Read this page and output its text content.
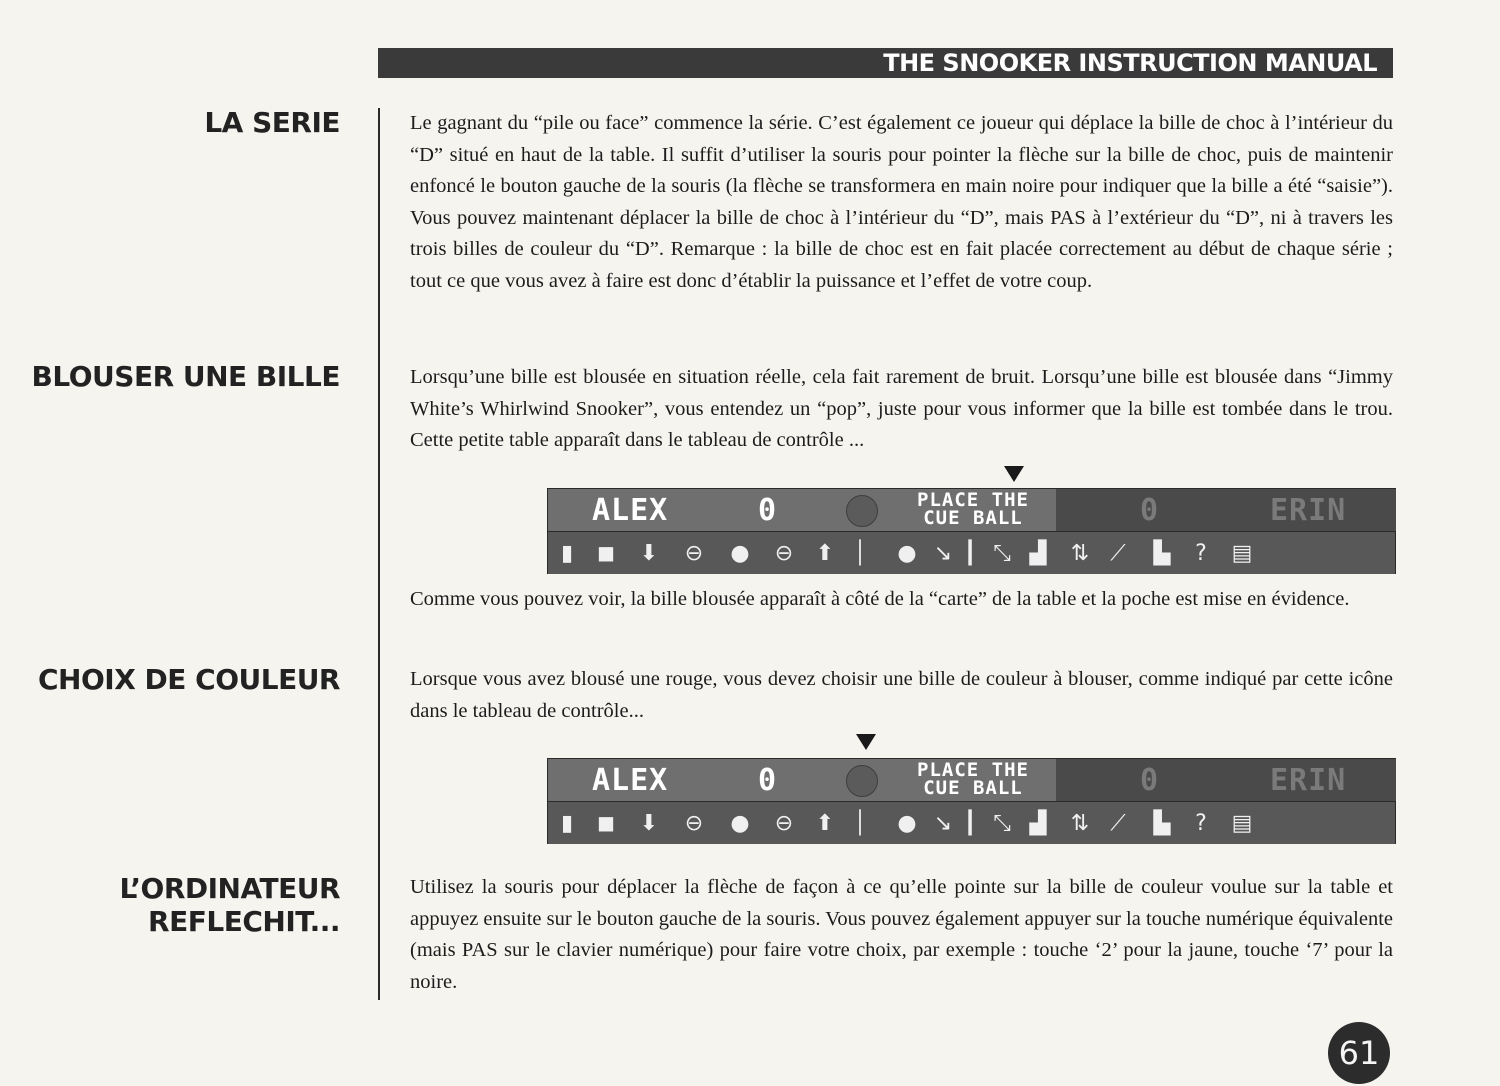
THE SNOOKER INSTRUCTION MANUAL
LA SERIE
BLOUSER UNE BILLE
CHOIX DE COULEUR
L’ORDINATEUR
REFLECHIT...
Le gagnant du “pile ou face” commence la série. C’est également ce joueur qui déplace la bille de choc à l’intérieur du “D” situé en haut de la table. Il suffit d’utiliser la souris pour pointer la flèche sur la bille de choc, puis de maintenir enfoncé le bouton gauche de la souris (la flèche se transformera en main noire pour indiquer que la bille a été “saisie”). Vous pouvez maintenant déplacer la bille de choc à l’intérieur du “D”, mais PAS à l’extérieur du “D”, ni à travers les trois billes de couleur du “D”. Remarque : la bille de choc est en fait placée correctement au début de chaque série ; tout ce que vous avez à faire est donc d’établir la puissance et l’effet de votre coup.
Lorsqu’une bille est blousée en situation réelle, cela fait rarement de bruit. Lorsqu’une bille est blousée dans “Jimmy White’s Whirlwind Snooker”, vous entendez un “pop”, juste pour vous informer que la bille est tombée dans le trou. Cette petite table apparaît dans le tableau de contrôle ...
ALEX	0	PLACE THE
CUE BALL	0	ERIN
▮	◼	⬇	⊖	●	⊖	⬆ │ ● ↘ ┃ ⤡ ▟	⇅ ⟋	▙	?	▤
Comme vous pouvez voir, la bille blousée apparaît à côté de la “carte” de la table et la poche est mise en évidence.
Lorsque vous avez blousé une rouge, vous devez choisir une bille de couleur à blouser, comme indiqué par cette icône dans le tableau de contrôle...
ALEX	0	PLACE THE
CUE BALL	0	ERIN
▮	◼	⬇	⊖	●	⊖	⬆ │ ● ↘ ┃ ⤡ ▟	⇅ ⟋	▙	?	▤
Utilisez la souris pour déplacer la flèche de façon à ce qu’elle pointe sur la bille de couleur voulue sur la table et appuyez ensuite sur le bouton gauche de la souris. Vous pouvez également appuyer sur la touche numérique équivalente (mais PAS sur le clavier numérique) pour faire votre choix, par exemple : touche ‘2’ pour la jaune, touche ‘7’ pour la noire.
61
